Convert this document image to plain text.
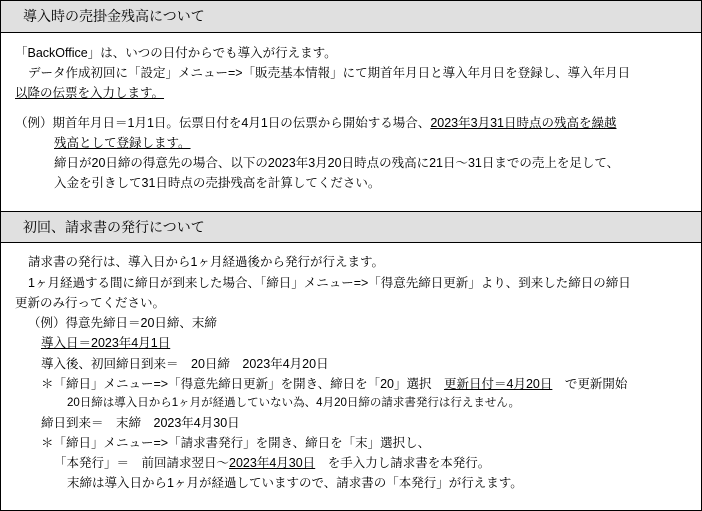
導入時の売掛金残高について

「BackOffice」は、いつの日付からでも導入が行えます。

データ作成初回に「設定」メニュー=>「販売基本情報」にて期首年月日と導入年月日を登録し、導入年月日

以降の伝票を入力します。

（例）期首年月日＝1月1日。伝票日付を4月1日の伝票から開始する場合、2023年3月31日時点の残高を繰越

残高として登録します。

締日が20日締の得意先の場合、以下の2023年3月20日時点の残高に21日～31日までの売上を足して、

入金を引きして31日時点の売掛残高を計算してください。

初回、請求書の発行について

請求書の発行は、導入日から1ヶ月経過後から発行が行えます。

1ヶ月経過する間に締日が到来した場合、「締日」メニュー=>「得意先締日更新」より、到来した締日の締日

更新のみ行ってください。

（例）得意先締日＝20日締、末締

導入日＝2023年4月1日

導入後、初回締日到来＝　20日締　2023年4月20日

＊「締日」メニュー=>「得意先締日更新」を開き、締日を「20」選択　更新日付＝4月20日　で更新開始

20日締は導入日から1ヶ月が経過していない為、4月20日締の請求書発行は行えません。

締日到来＝　末締　2023年4月30日

＊「締日」メニュー=>「請求書発行」を開き、締日を「末」選択し、

「本発行」＝　前回請求翌日～2023年4月30日　を手入力し請求書を本発行。

末締は導入日から1ヶ月が経過していますので、請求書の「本発行」が行えます。
